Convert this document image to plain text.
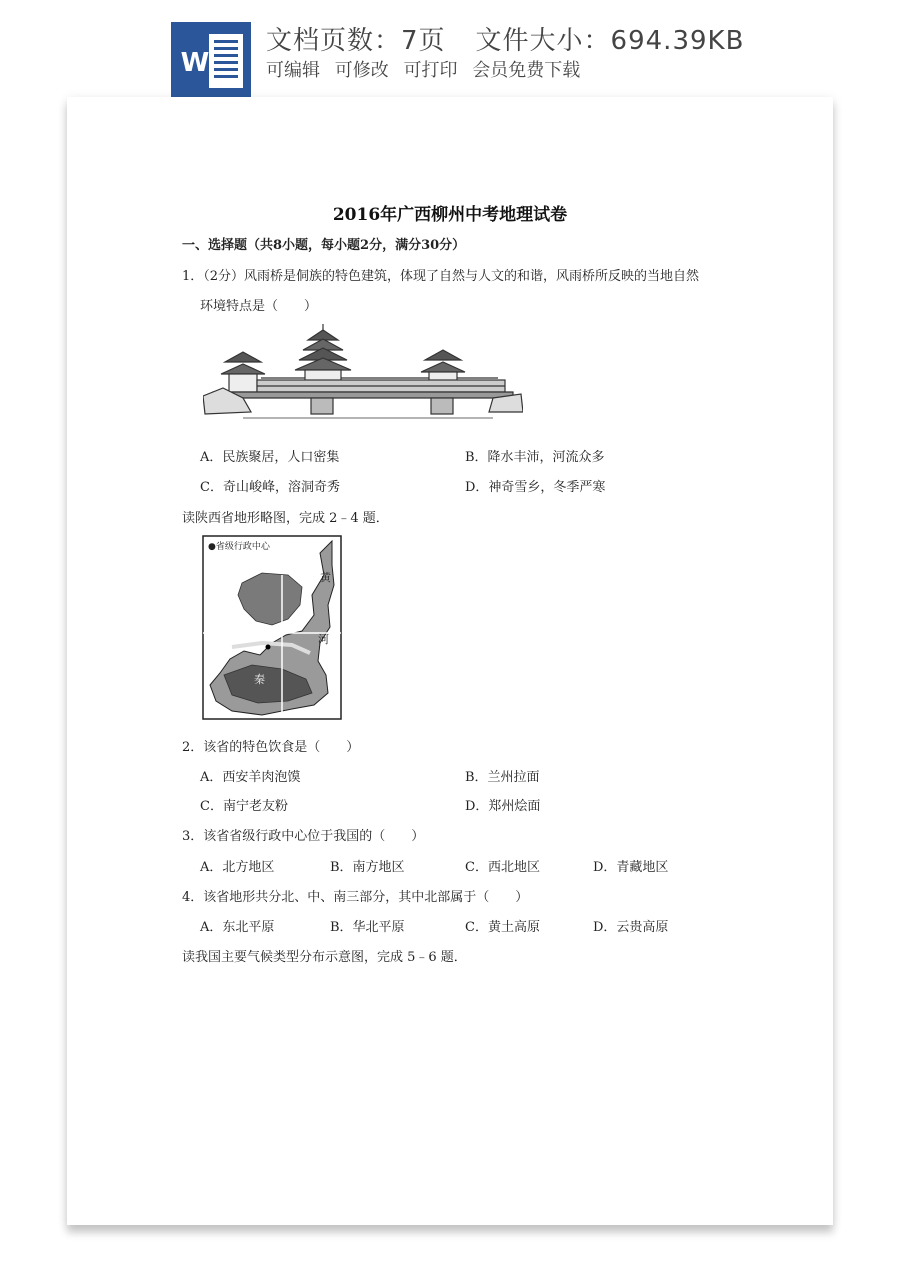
W
文档页数：7页 文件大小：694.39KB
可编辑 可修改 可打印 会员免费下载
2016年广西柳州中考地理试卷
一、选择题（共8小题，每小题2分，满分30分）
1．（2分）风雨桥是侗族的特色建筑，体现了自然与人文的和谐，风雨桥所反映的当地自然
环境特点是（　　）
A．民族聚居，人口密集	B．降水丰沛，河流众多
C．奇山峻峰，溶洞奇秀	D．神奇雪乡，冬季严寒
读陕西省地形略图，完成 2﹣4 题．
●省级行政中心
黄
河
秦
2．该省的特色饮食是（　　）
A．西安羊肉泡馍	B．兰州拉面
C．南宁老友粉	D．郑州烩面
3．该省省级行政中心位于我国的（　　）
A．北方地区	B．南方地区	C．西北地区	D．青藏地区
4．该省地形共分北、中、南三部分，其中北部属于（　　）
A．东北平原	B．华北平原	C．黄土高原	D．云贵高原
读我国主要气候类型分布示意图，完成 5﹣6 题．
